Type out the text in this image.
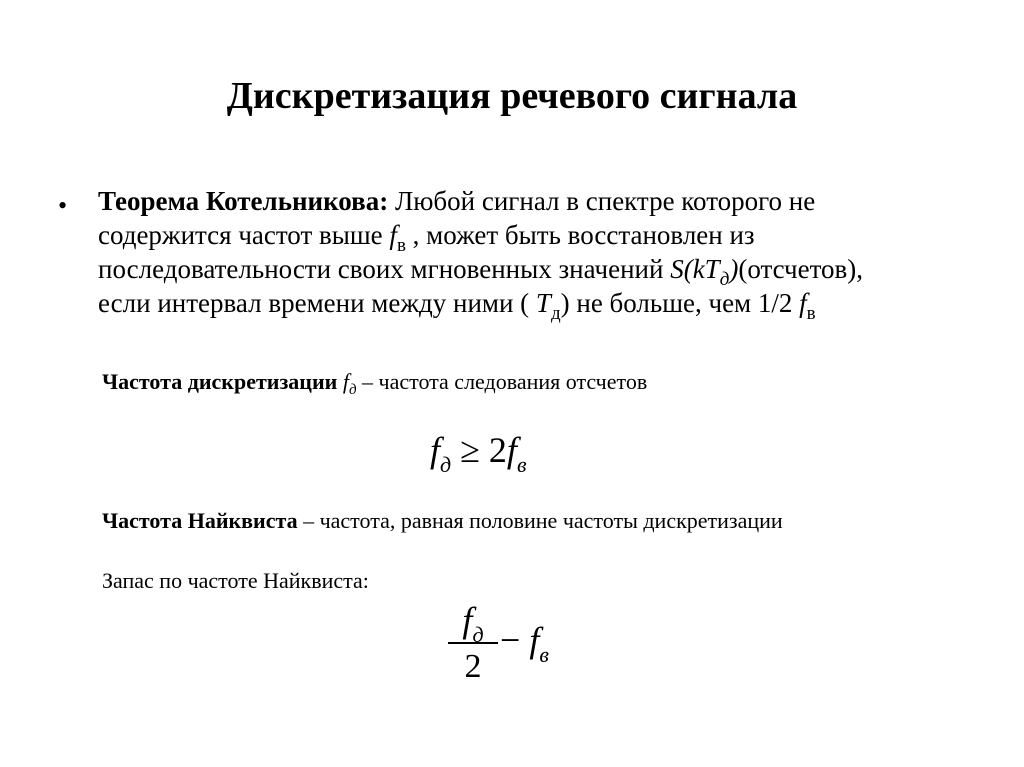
Дискретизация речевого сигнала
• Теорема Котельникова: Любой сигнал в спектре которого не
содержится частот выше $f_в$ , может быть восстановлен из
последовательности своих мгновенных значений $S(kT_д)(отсчетов)$,
если интервал времени между ними ( $T_д$) не больше, чем 1/2 $f_в$
Частота дискретизации $f_д$ – частота следования отсчетов
$f_д \ge 2f_в$
Частота Найквиста – частота, равная половине частоты дискретизации
Запас по частоте Найквиста:
$f_д$
2
− $f_в$
